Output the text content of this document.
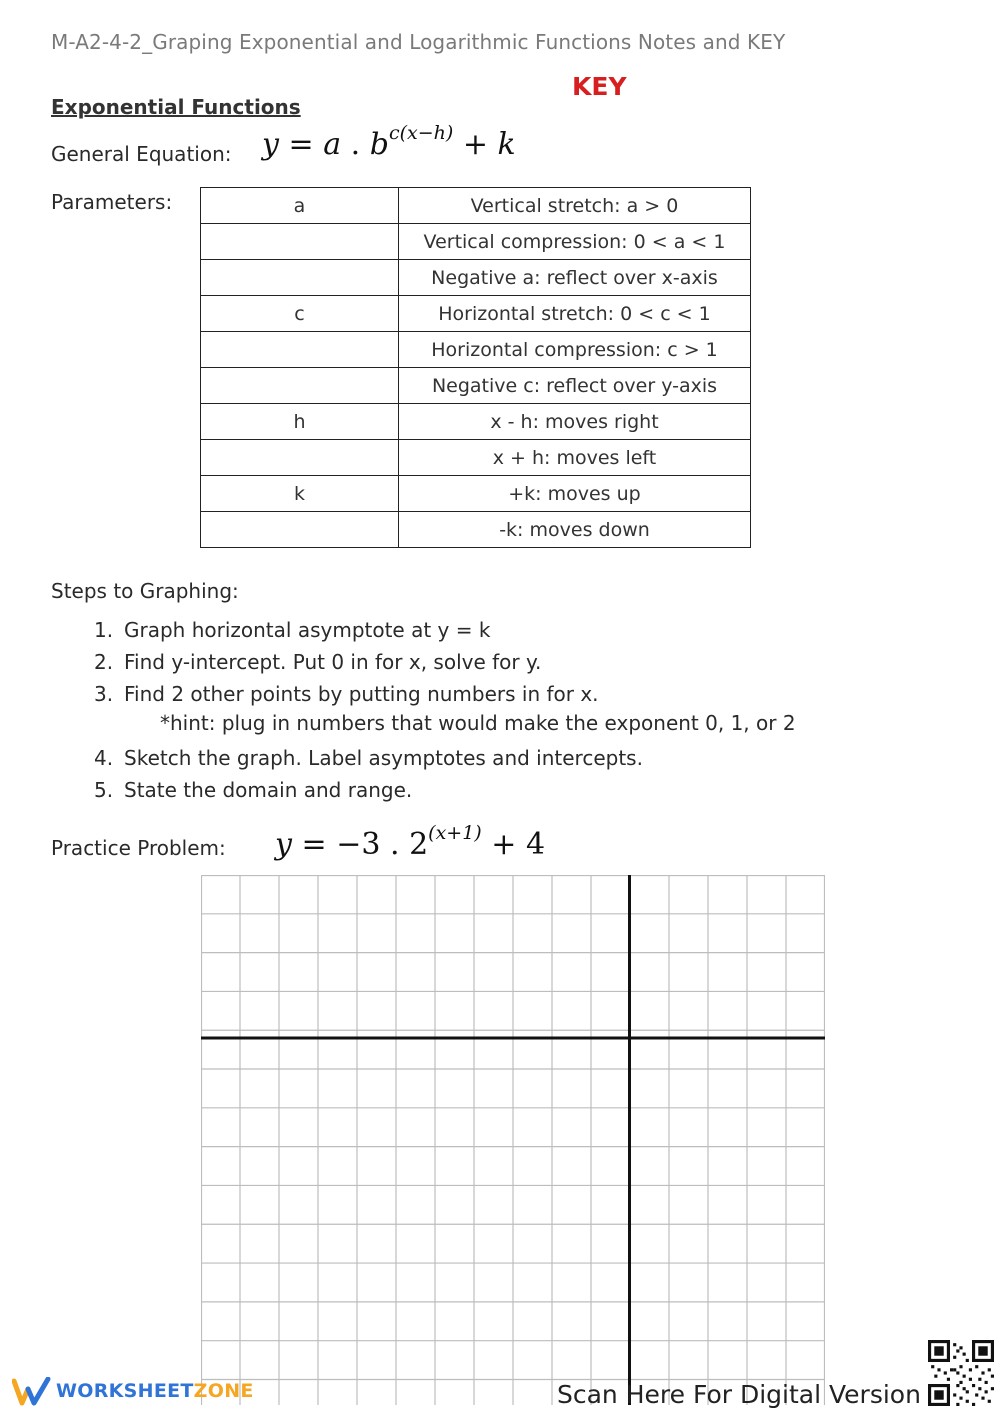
M-A2-4-2_Graping Exponential and Logarithmic Functions Notes and KEY
KEY
Exponential Functions
General Equation: y = a . $b^{c(x-h)} + k$
Parameters:	a	Vertical stretch: a > 0
	Vertical compression: 0 < a < 1
	Negative a: reflect over x-axis
c	Horizontal stretch: 0 < c < 1
	Horizontal compression: c > 1
	Negative c: reflect over y-axis
h	x - h: moves right
	x + h: moves left
k	+k: moves up
	-k: moves down
Steps to Graphing:
1. Graph horizontal asymptote at y = k
2. Find y-intercept. Put 0 in for x, solve for y.
3. Find 2 other points by putting numbers in for x.
4. Sketch the graph. Label asymptotes and intercepts.
5. State the domain and range.
*hint: plug in numbers that would make the exponent 0, 1, or 2
Practice Problem: y = −3 . $2^{(x+1)} + 4$
WORKSHEETZONE	Scan Here For Digital Version
